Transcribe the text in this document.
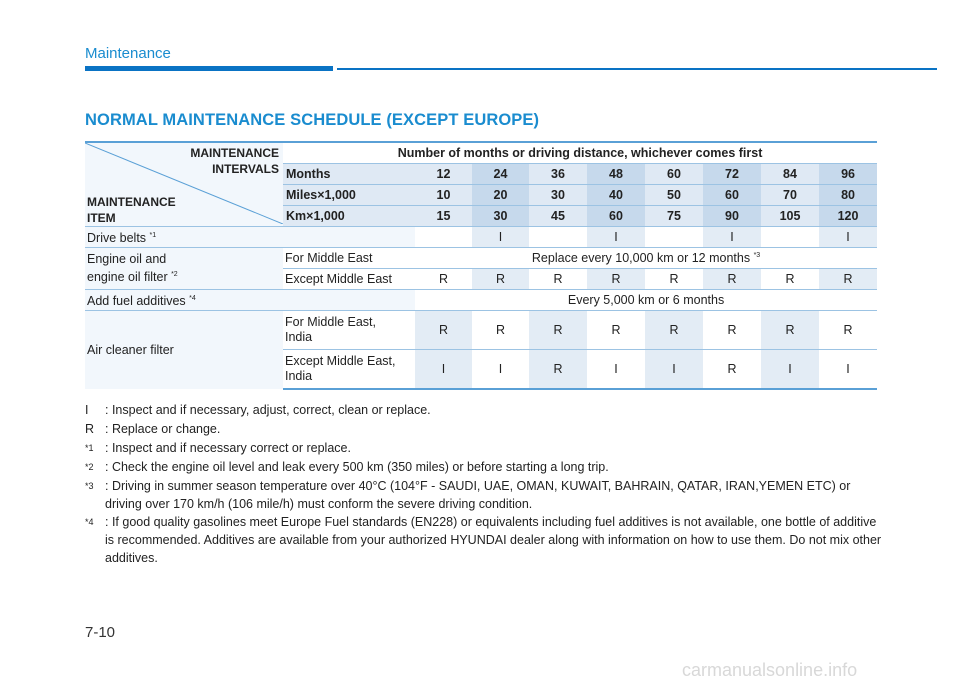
Maintenance
NORMAL MAINTENANCE SCHEDULE (EXCEPT EUROPE)
MAINTENANCE
INTERVALS
MAINTENANCE
ITEM	Number of months or driving distance, whichever comes first								
	Months	12	24	36	48	60	72	84	96
	Miles×1,000	10	20	30	40	50	60	70	80
	Km×1,000	15	30	45	60	75	90	105	120
Drive belts $^{*1}$			I		I		I		I
Engine oil and
engine oil filter $^{*2}$	For Middle East	Replace every 10,000 km or 12 months $^{*3}$
	Except Middle East	R	R	R	R	R	R	R	R
Add fuel additives $^{*4}$		Every 5,000 km or 6 months							
Air cleaner filter	For Middle East,
India	R	R	R	R	R	R	R	R
	Except Middle East,
India	I	I	R	I	I	R	I	I
I	: Inspect and if necessary, adjust, correct, clean or replace.
R : Replace or change.
*1 : Inspect and if necessary correct or replace.
*2 : Check the engine oil level and leak every 500 km (350 miles) or before starting a long trip.
*3 : Driving in summer season temperature over 40°C (104°F - SAUDI, UAE, OMAN, KUWAIT, BAHRAIN, QATAR, IRAN,YEMEN ETC) or driving over 170 km/h (106 mile/h) must conform the severe driving condition.
*4 : If good quality gasolines meet Europe Fuel standards (EN228) or equivalents including fuel additives is not available, one bottle of additive is recommended. Additives are available from your authorized HYUNDAI dealer along with information on how to use them. Do not mix other additives.
7-10
carmanualsonline.info
